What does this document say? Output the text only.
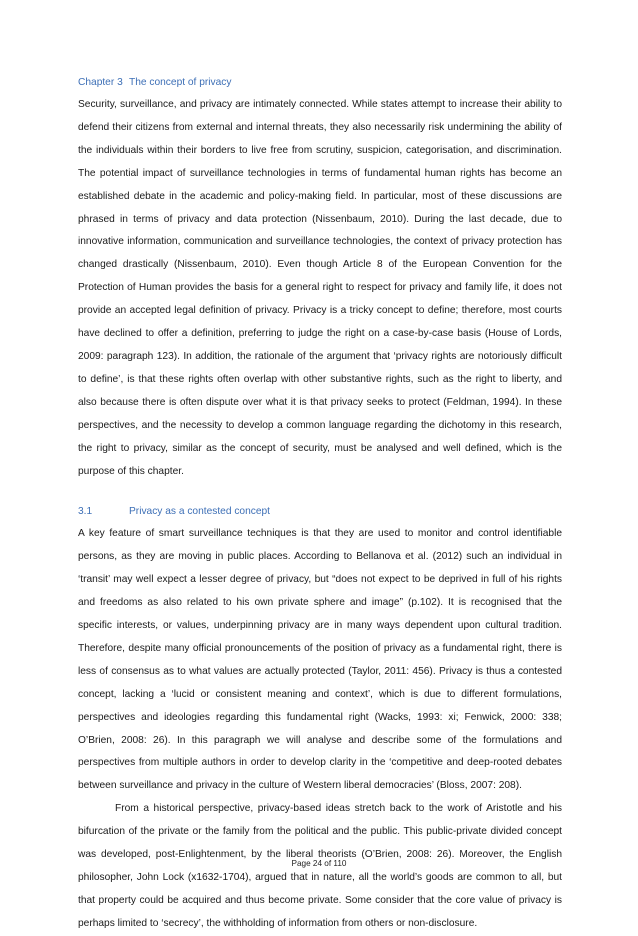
Chapter 3 The concept of privacy

Security, surveillance, and privacy are intimately connected. While states attempt to increase their ability to defend their citizens from external and internal threats, they also necessarily risk undermining the ability of the individuals within their borders to live free from scrutiny, suspicion, categorisation, and discrimination. The potential impact of surveillance technologies in terms of fundamental human rights has become an established debate in the academic and policy-making field. In particular, most of these discussions are phrased in terms of privacy and data protection (Nissenbaum, 2010). During the last decade, due to innovative information, communication and surveillance technologies, the context of privacy protection has changed drastically (Nissenbaum, 2010). Even though Article 8 of the European Convention for the Protection of Human provides the basis for a general right to respect for privacy and family life, it does not provide an accepted legal definition of privacy. Privacy is a tricky concept to define; therefore, most courts have declined to offer a definition, preferring to judge the right on a case-by-case basis (House of Lords, 2009: paragraph 123). In addition, the rationale of the argument that ‘privacy rights are notoriously difficult to define’, is that these rights often overlap with other substantive rights, such as the right to liberty, and also because there is often dispute over what it is that privacy seeks to protect (Feldman, 1994). In these perspectives, and the necessity to develop a common language regarding the dichotomy in this research, the right to privacy, similar as the concept of security, must be analysed and well defined, which is the purpose of this chapter.

3.1	Privacy as a contested concept

A key feature of smart surveillance techniques is that they are used to monitor and control identifiable persons, as they are moving in public places. According to Bellanova et al. (2012) such an individual in ‘transit’ may well expect a lesser degree of privacy, but “does not expect to be deprived in full of his rights and freedoms as also related to his own private sphere and image” (p.102). It is recognised that the specific interests, or values, underpinning privacy are in many ways dependent upon cultural tradition. Therefore, despite many official pronouncements of the position of privacy as a fundamental right, there is less of consensus as to what values are actually protected (Taylor, 2011: 456). Privacy is thus a contested concept, lacking a ‘lucid or consistent meaning and context’, which is due to different formulations, perspectives and ideologies regarding this fundamental right (Wacks, 1993: xi; Fenwick, 2000: 338; O’Brien, 2008: 26). In this paragraph we will analyse and describe some of the formulations and perspectives from multiple authors in order to develop clarity in the ‘competitive and deep-rooted debates between surveillance and privacy in the culture of Western liberal democracies’ (Bloss, 2007: 208).

From a historical perspective, privacy-based ideas stretch back to the work of Aristotle and his bifurcation of the private or the family from the political and the public. This public-private divided concept was developed, post-Enlightenment, by the liberal theorists (O’Brien, 2008: 26). Moreover, the English philosopher, John Lock (x1632-1704), argued that in nature, all the world’s goods are common to all, but that property could be acquired and thus become private. Some consider that the core value of privacy is perhaps limited to ‘secrecy’, the withholding of information from others or non-disclosure.

Page 24 of 110
